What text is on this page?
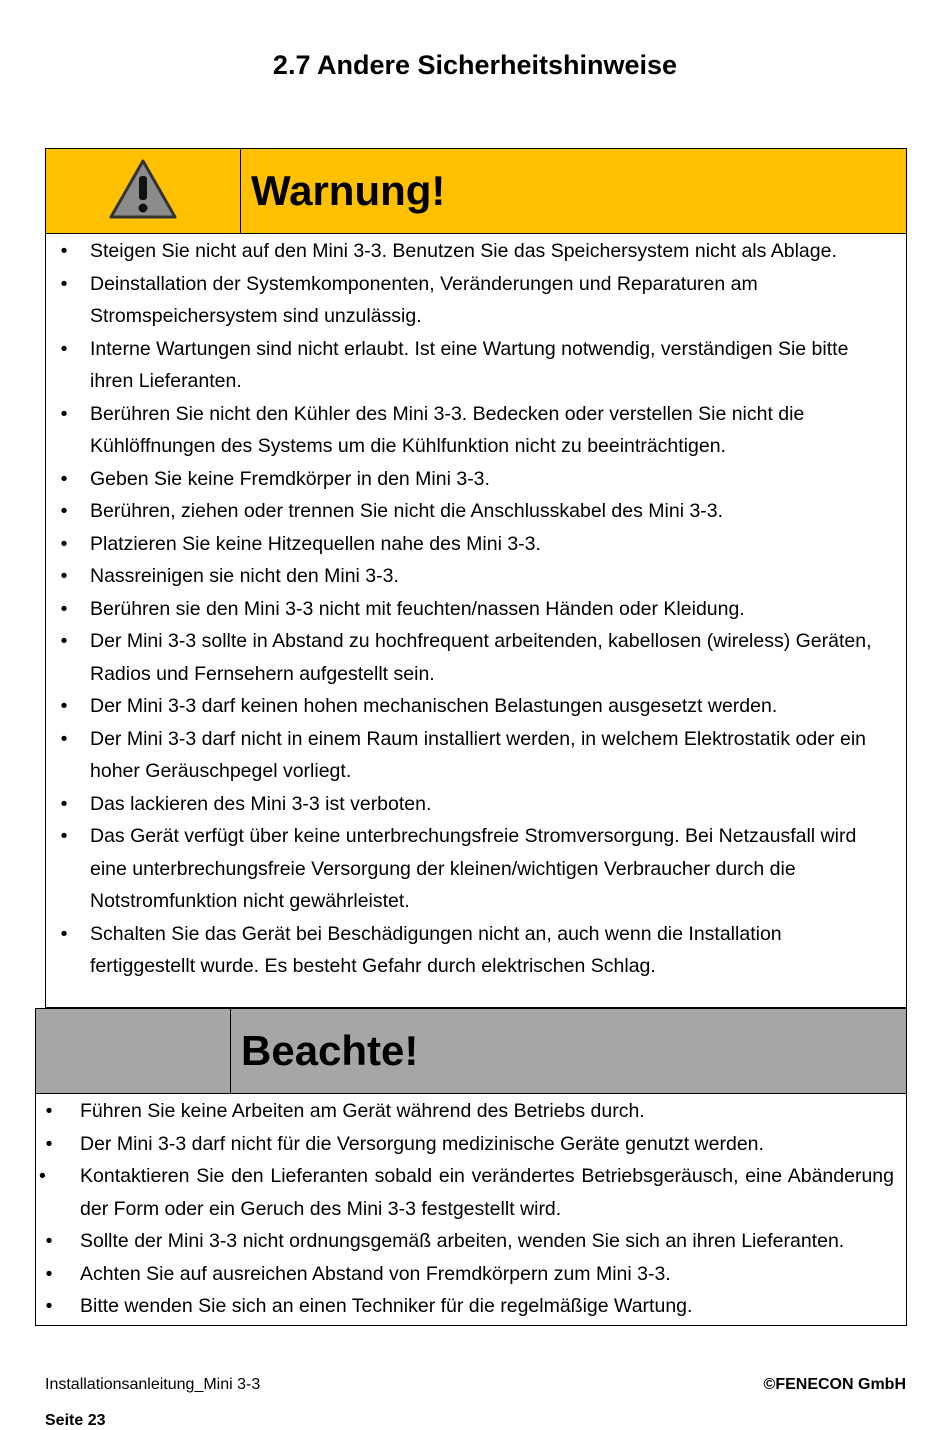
2.7 Andere Sicherheitshinweise
Warnung!
•	Steigen Sie nicht auf den Mini 3-3. Benutzen Sie das Speichersystem nicht als Ablage.
•	Deinstallation der Systemkomponenten, Veränderungen und Reparaturen am Stromspeichersystem sind unzulässig.
•	Interne Wartungen sind nicht erlaubt. Ist eine Wartung notwendig, verständigen Sie bitte ihren Lieferanten.
•	Berühren Sie nicht den Kühler des Mini 3-3. Bedecken oder verstellen Sie nicht die Kühlöffnungen des Systems um die Kühlfunktion nicht zu beeinträchtigen.
•	Geben Sie keine Fremdkörper in den Mini 3-3.
•	Berühren, ziehen oder trennen Sie nicht die Anschlusskabel des Mini 3-3.
•	Platzieren Sie keine Hitzequellen nahe des Mini 3-3.
•	Nassreinigen sie nicht den Mini 3-3.
•	Berühren sie den Mini 3-3 nicht mit feuchten/nassen Händen oder Kleidung.
•	Der Mini 3-3 sollte in Abstand zu hochfrequent arbeitenden, kabellosen (wireless) Geräten, Radios und Fernsehern aufgestellt sein.
•	Der Mini 3-3 darf keinen hohen mechanischen Belastungen ausgesetzt werden.
•	Der Mini 3-3 darf nicht in einem Raum installiert werden, in welchem Elektrostatik oder ein hoher Geräuschpegel vorliegt.
•	Das lackieren des Mini 3-3 ist verboten.
•	Das Gerät verfügt über keine unterbrechungsfreie Stromversorgung. Bei Netzausfall wird eine unterbrechungsfreie Versorgung der kleinen/wichtigen Verbraucher durch die Notstromfunktion nicht gewährleistet.
•	Schalten Sie das Gerät bei Beschädigungen nicht an, auch wenn die Installation fertiggestellt wurde. Es besteht Gefahr durch elektrischen Schlag.
Beachte!
•	Führen Sie keine Arbeiten am Gerät während des Betriebs durch.
•	Der Mini 3-3 darf nicht für die Versorgung medizinische Geräte genutzt werden.
•	Kontaktieren Sie den Lieferanten sobald ein verändertes Betriebsgeräusch, eine Abänderung der Form oder ein Geruch des Mini 3-3 festgestellt wird.
•	Sollte der Mini 3-3 nicht ordnungsgemäß arbeiten, wenden Sie sich an ihren Lieferanten.
•	Achten Sie auf ausreichen Abstand von Fremdkörpern zum Mini 3-3.
•	Bitte wenden Sie sich an einen Techniker für die regelmäßige Wartung.
Installationsanleitung_Mini 3-3	©FENECON GmbH
Seite 23
